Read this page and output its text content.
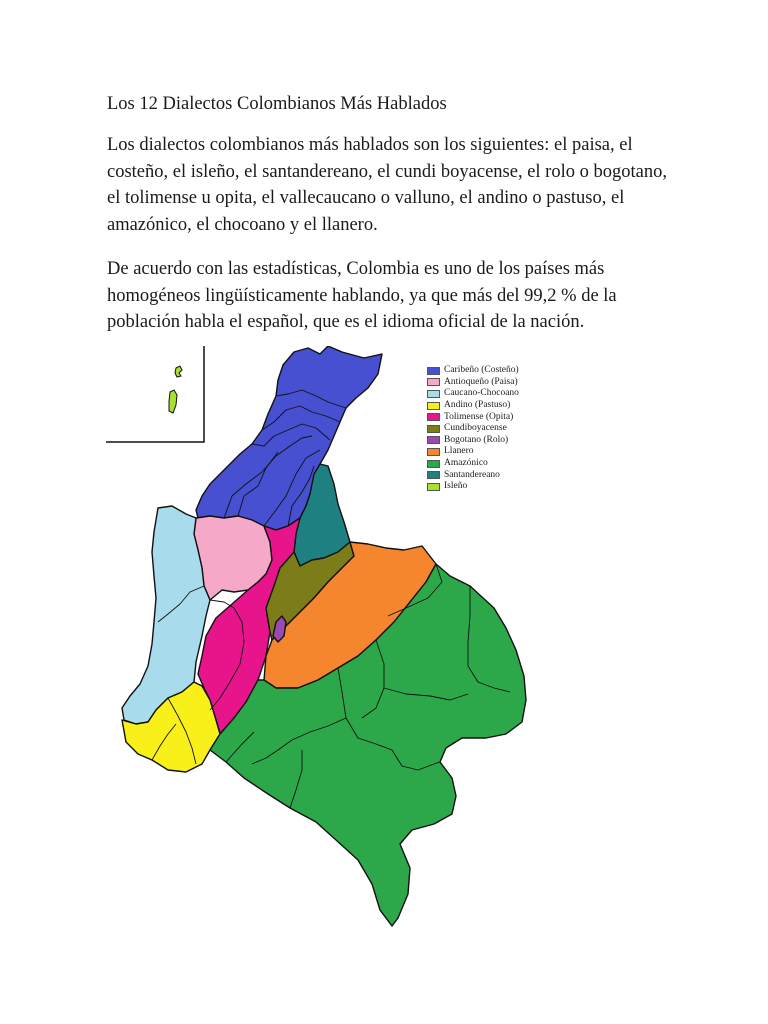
Los 12 Dialectos Colombianos Más Hablados

Los dialectos colombianos más hablados son los siguientes: el paisa, el costeño, el isleño, el santandereano, el cundi boyacense, el rolo o bogotano, el tolimense u opita, el vallecaucano o valluno, el andino o pastuso, el amazónico, el chocoano y el llanero.

De acuerdo con las estadísticas, Colombia es uno de los países más homogéneos lingüísticamente hablando, ya que más del 99,2 % de la población habla el español, que es el idioma oficial de la nación.

Caribeño (Costeño)
Antioqueño (Paisa)
Caucano-Chocoano
Andino (Pastuso)
Tolimense (Opita)
Cundiboyacense
Bogotano (Rolo)
Llanero
Amazónico
Santandereano
Isleño
